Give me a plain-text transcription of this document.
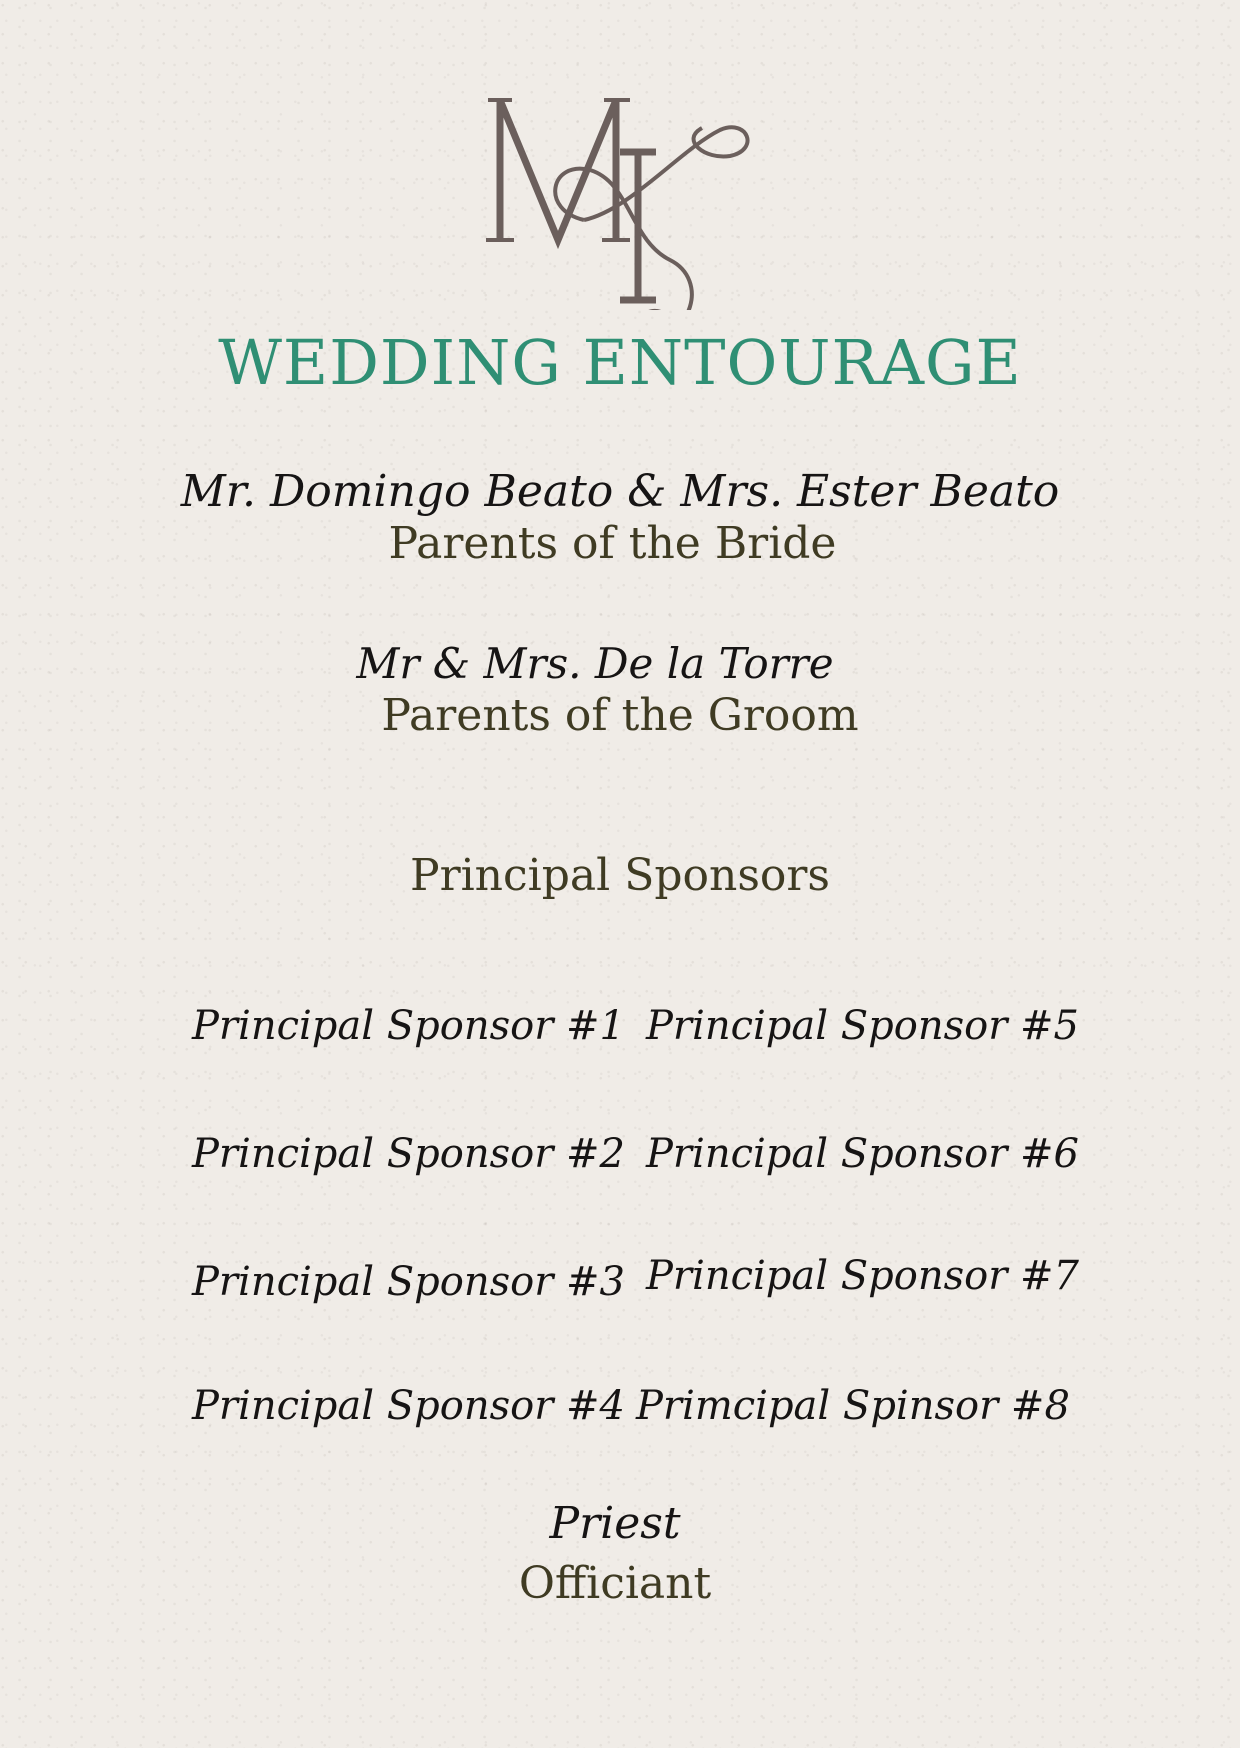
WEDDING ENTOURAGE
Mr. Domingo Beato & Mrs. Ester Beato
Parents of the Bride
Mr & Mrs. De la Torre
Parents of the Groom
Principal Sponsors
Principal Sponsor #1
Principal Sponsor #2
Principal Sponsor #3
Principal Sponsor #4
Principal Sponsor #5
Principal Sponsor #6
Principal Sponsor #7
Primcipal Spinsor #8
Priest
Officiant
